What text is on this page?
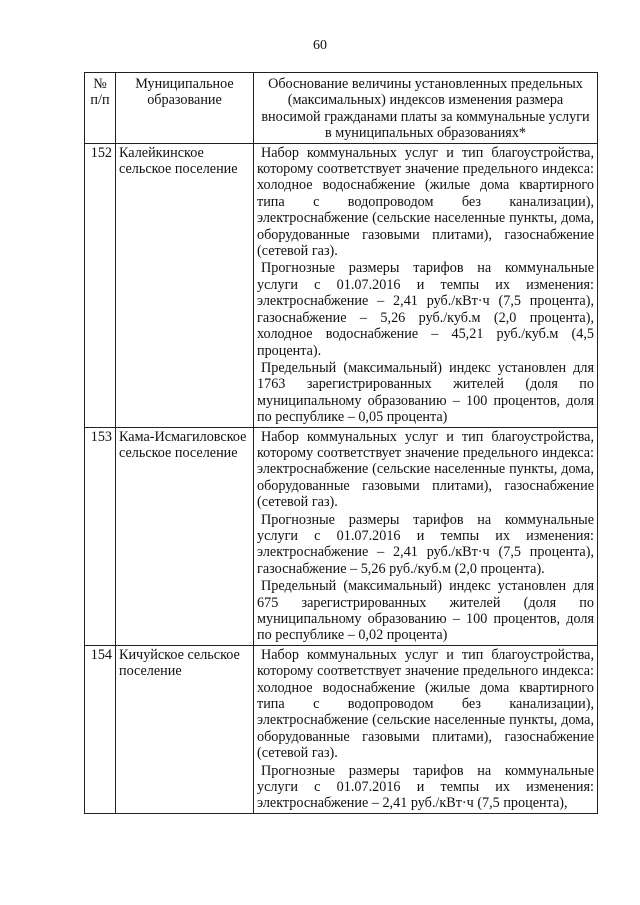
60
№ п/п	Муниципальное образование	Обоснование величины установленных предельных (максимальных) индексов изменения размера вносимой гражданами платы за коммунальные услуги в муниципальных образованиях*
152	Калейкинское сельское поселение	Набор коммунальных услуг и тип благоустройства, которому соответствует значение предельного индекса: холодное водоснабжение (жилые дома квартирного типа с водопроводом без канализации), электроснабжение (сельские населенные пункты, дома, оборудованные газовыми плитами), газоснабжение (сетевой газ).

Прогнозные размеры тарифов на коммунальные услуги с 01.07.2016 и темпы их изменения: электроснабжение – 2,41 руб./кВт·ч (7,5 процента), газоснабжение – 5,26 руб./куб.м (2,0 процента), холодное водоснабжение – 45,21 руб./куб.м (4,5 процента).

Предельный (максимальный) индекс установлен для 1763 зарегистрированных жителей (доля по муниципальному образованию – 100 процентов, доля по республике – 0,05 процента)

153	Кама-Исмагиловское сельское поселение	Набор коммунальных услуг и тип благоустройства, которому соответствует значение предельного индекса: электроснабжение (сельские населенные пункты, дома, оборудованные газовыми плитами), газоснабжение (сетевой газ).

Прогнозные размеры тарифов на коммунальные услуги с 01.07.2016 и темпы их изменения: электроснабжение – 2,41 руб./кВт·ч (7,5 процента), газоснабжение – 5,26 руб./куб.м (2,0 процента).

Предельный (максимальный) индекс установлен для 675 зарегистрированных жителей (доля по муниципальному образованию – 100 процентов, доля по республике – 0,02 процента)

154	Кичуйское сельское поселение	Набор коммунальных услуг и тип благоустройства, которому соответствует значение предельного индекса: холодное водоснабжение (жилые дома квартирного типа с водопроводом без канализации), электроснабжение (сельские населенные пункты, дома, оборудованные газовыми плитами), газоснабжение (сетевой газ).

Прогнозные размеры тарифов на коммунальные услуги с 01.07.2016 и темпы их изменения: электроснабжение – 2,41 руб./кВт·ч (7,5 процента),
